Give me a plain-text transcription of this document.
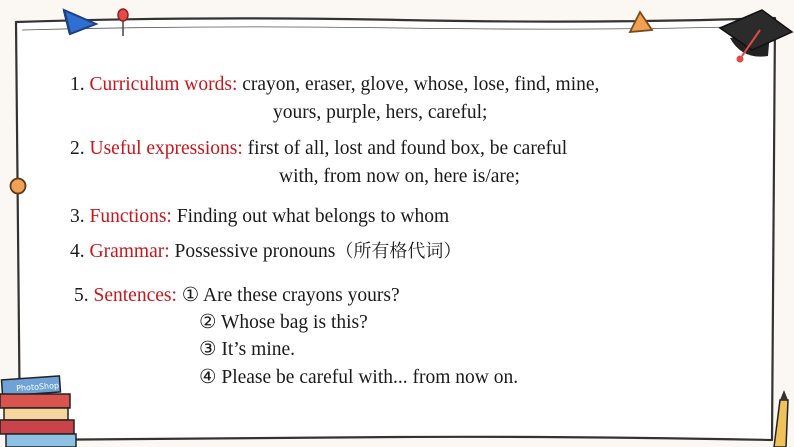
PhotoShop
1. Curriculum words: crayon, eraser, glove, whose, lose, find, mine,
yours, purple, hers, careful;
2. Useful expressions: first of all, lost and found box, be careful
with, from now on, here is/are;
3. Functions: Finding out what belongs to whom
4. Grammar: Possessive pronouns（所有格代词）
5. Sentences: ① Are these crayons yours?
② Whose bag is this?
③ It’s mine.
④ Please be careful with... from now on.
